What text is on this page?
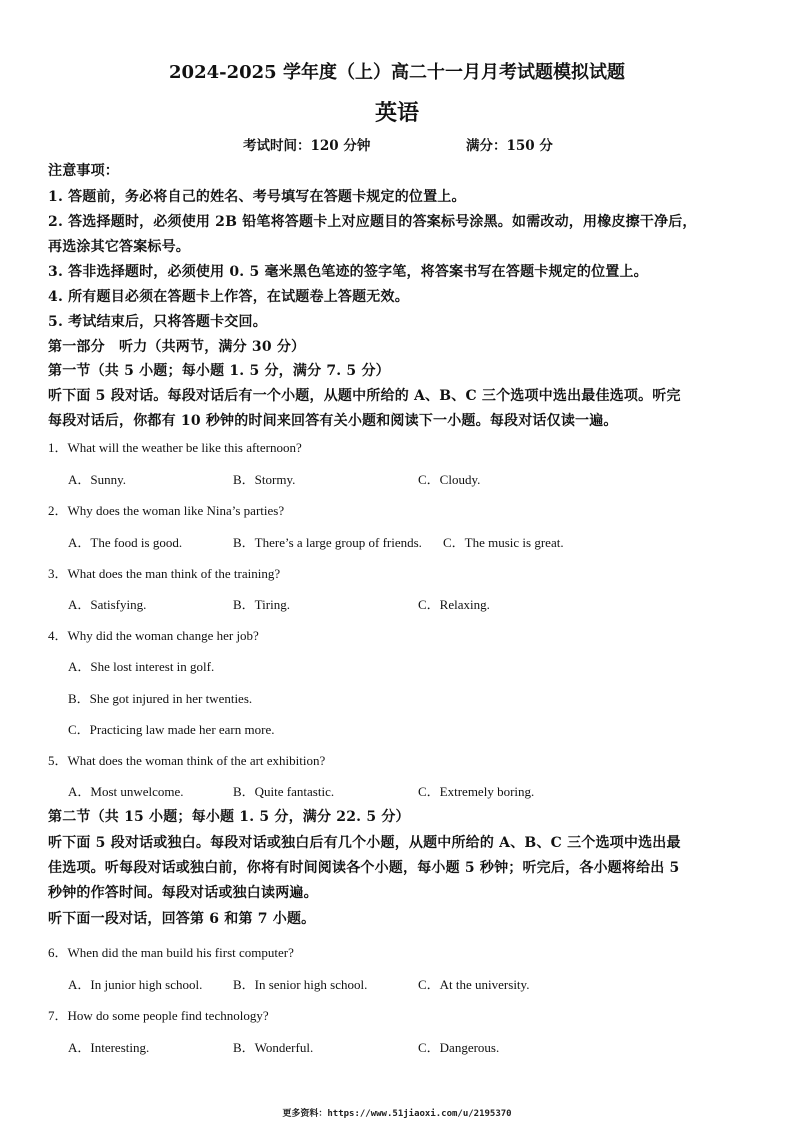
2024-2025 学年度（上）高二十一月月考试题模拟试题
英语
考试时间：120 分钟	满分：150 分
注意事项：
1. 答题前，务必将自己的姓名、考号填写在答题卡规定的位置上。
2. 答选择题时，必须使用 2B 铅笔将答题卡上对应题目的答案标号涂黑。如需改动，用橡皮擦干净后，
再选涂其它答案标号。
3. 答非选择题时，必须使用 0. 5 毫米黑色笔迹的签字笔，将答案书写在答题卡规定的位置上。
4. 所有题目必须在答题卡上作答，在试题卷上答题无效。
5. 考试结束后，只将答题卡交回。
第一部分　听力（共两节，满分 30 分）
第一节（共 5 小题；每小题 1. 5 分，满分 7. 5 分）
听下面 5 段对话。每段对话后有一个小题，从题中所给的 A、B、C 三个选项中选出最佳选项。听完
每段对话后，你都有 10 秒钟的时间来回答有关小题和阅读下一小题。每段对话仅读一遍。
1．What will the weather be like this afternoon?
A．Sunny.	B．Stormy.	C．Cloudy.
2．Why does the woman like Nina’s parties?
A．The food is good.	B．There’s a large group of friends. C．The music is great.
3．What does the man think of the training?
A．Satisfying.	B．Tiring.	C．Relaxing.
4．Why did the woman change her job?
A．She lost interest in golf.
B．She got injured in her twenties.
C．Practicing law made her earn more.
5．What does the woman think of the art exhibition?
A．Most unwelcome.	B．Quite fantastic.	C．Extremely boring.
第二节（共 15 小题；每小题 1. 5 分，满分 22. 5 分）
听下面 5 段对话或独白。每段对话或独白后有几个小题，从题中所给的 A、B、C 三个选项中选出最
佳选项。听每段对话或独白前，你将有时间阅读各个小题，每小题 5 秒钟；听完后，各小题将给出 5
秒钟的作答时间。每段对话或独白读两遍。
听下面一段对话，回答第 6 和第 7 小题。
6．When did the man build his first computer?
A．In junior high school. B．In senior high school.	C．At the university.
7．How do some people find technology?
A．Interesting.	B．Wonderful.	C．Dangerous.
更多资料：https://www.51jiaoxi.com/u/2195370
